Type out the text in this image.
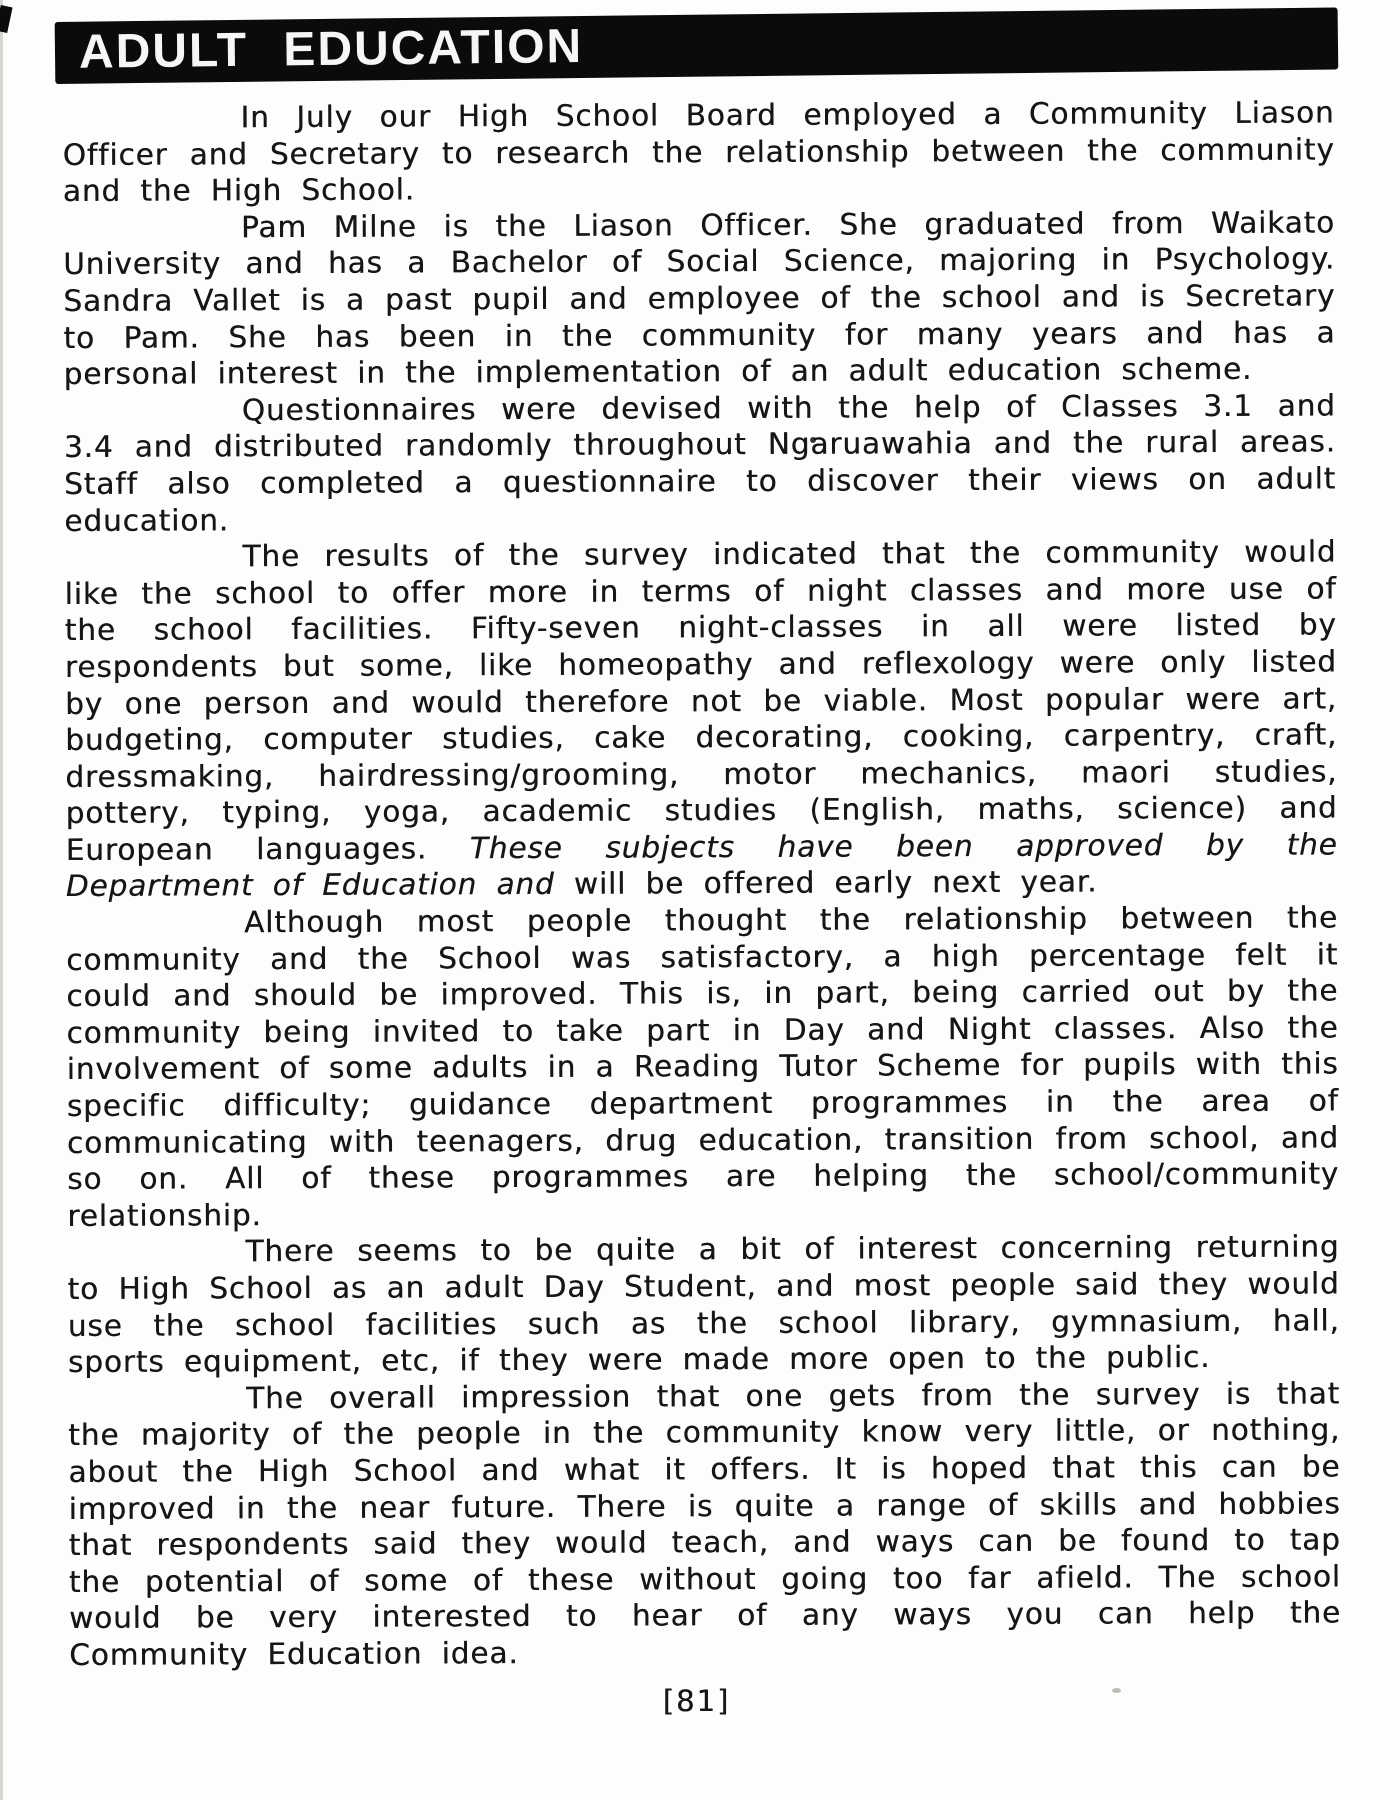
ADULT EDUCATION

In July our High School Board employed a Community Liason Officer and Secretary to research the relationship between the community and the High School.

Pam Milne is the Liason Officer. She graduated from Waikato University and has a Bachelor of Social Science, majoring in Psychology. Sandra Vallet is a past pupil and employee of the school and is Secretary to Pam. She has been in the community for many years and has a personal interest in the implementation of an adult education scheme.

Questionnaires were devised with the help of Classes 3.1 and 3.4 and distributed randomly throughout Ngaruawahia and the rural areas. Staff also completed a questionnaire to discover their views on adult education.

The results of the survey indicated that the community would like the school to offer more in terms of night classes and more use of the school facilities. Fifty-seven night-classes in all were listed by respondents but some, like homeopathy and reflexology were only listed by one person and would therefore not be viable. Most popular were art, budgeting, computer studies, cake decorating, cooking, carpentry, craft, dressmaking, hairdressing/grooming, motor mechanics, maori studies, pottery, typing, yoga, academic studies (English, maths, science) and European languages. These subjects have been approved by the Department of Education and will be offered early next year.

Although most people thought the relationship between the community and the School was satisfactory, a high percentage felt it could and should be improved. This is, in part, being carried out by the community being invited to take part in Day and Night classes. Also the involvement of some adults in a Reading Tutor Scheme for pupils with this specific difficulty; guidance department programmes in the area of communicating with teenagers, drug education, transition from school, and so on. All of these programmes are helping the school/community relationship.

There seems to be quite a bit of interest concerning returning to High School as an adult Day Student, and most people said they would use the school facilities such as the school library, gymnasium, hall, sports equipment, etc, if they were made more open to the public.

The overall impression that one gets from the survey is that the majority of the people in the community know very little, or nothing, about the High School and what it offers. It is hoped that this can be improved in the near future. There is quite a range of skills and hobbies that respondents said they would teach, and ways can be found to tap the potential of some of these without going too far afield. The school would be very interested to hear of any ways you can help the Community Education idea.

[81]
